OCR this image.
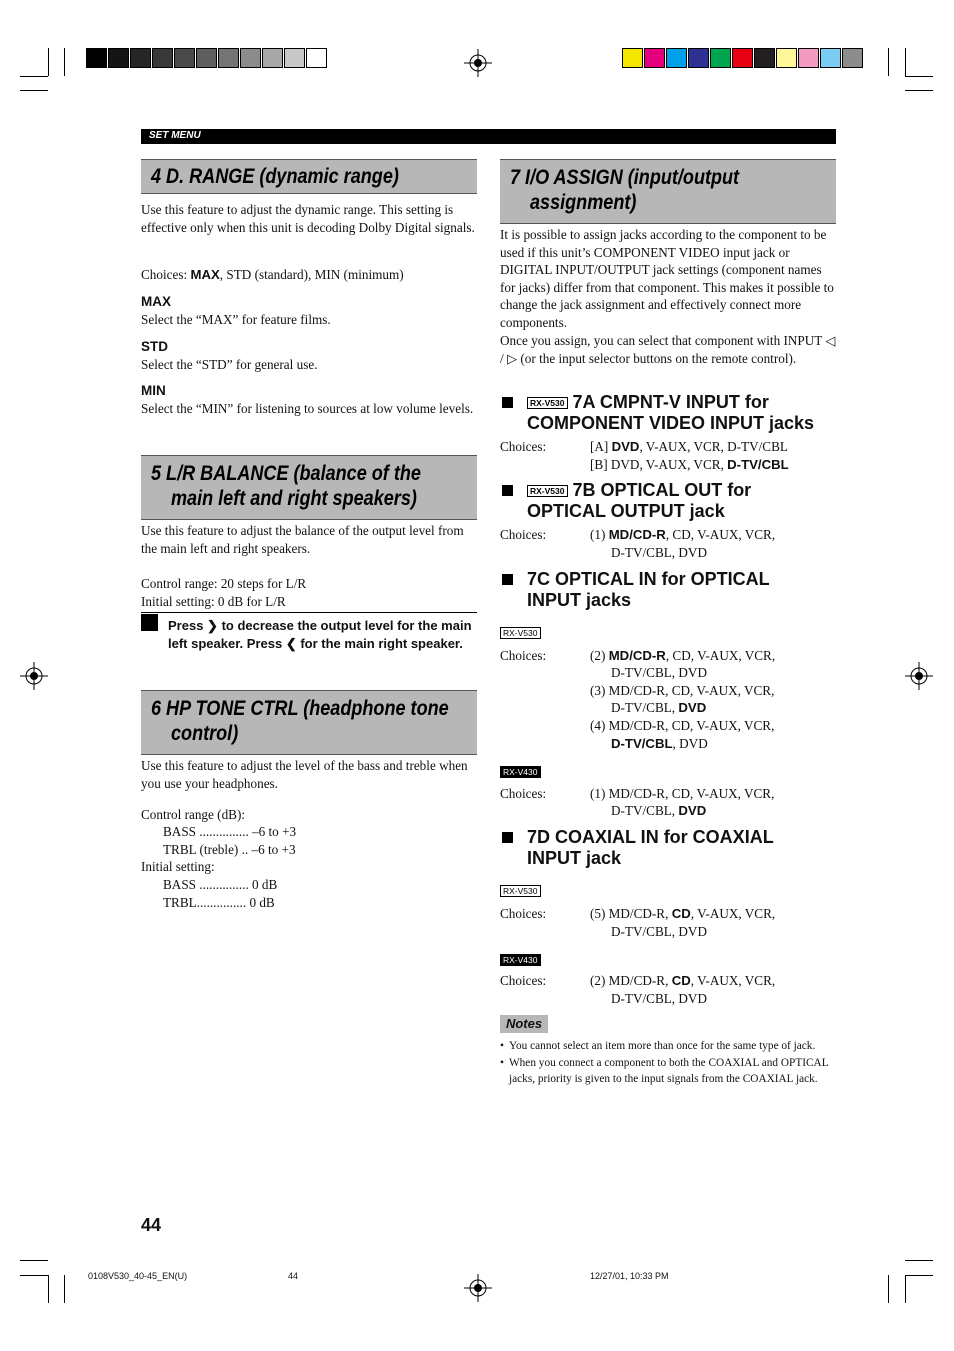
SET MENU
4 D. RANGE (dynamic range)
Use this feature to adjust the dynamic range. This setting is effective only when this unit is decoding Dolby Digital signals.
Choices: MAX, STD (standard), MIN (minimum)
MAX
Select the “MAX” for feature films.
STD
Select the “STD” for general use.
MIN
Select the “MIN” for listening to sources at low volume levels.
5 L/R BALANCE (balance of the
main left and right speakers)
Use this feature to adjust the balance of the output level from the main left and right speakers.
Control range: 20 steps for L/R
Initial setting: 0 dB for L/R
Press ❯ to decrease the output level for the main left speaker. Press ❮ for the main right speaker.
6 HP TONE CTRL (headphone tone
control)
Use this feature to adjust the level of the bass and treble when you use your headphones.
Control range (dB):
BASS ............... –6 to +3
TRBL (treble) .. –6 to +3
Initial setting:
BASS ............... 0 dB
TRBL............... 0 dB
7 I/O ASSIGN (input/output
assignment)
It is possible to assign jacks according to the component to be used if this unit’s COMPONENT VIDEO input jack or DIGITAL INPUT/OUTPUT jack settings (component names for jacks) differ from that component. This makes it possible to change the jack assignment and effectively connect more components.
Once you assign, you can select that component with INPUT ◁ / ▷ (or the input selector buttons on the remote control).
RX-V530 7A CMPNT-V INPUT for
COMPONENT VIDEO INPUT jacks
Choices:	[A] DVD, V-AUX, VCR, D-TV/CBL
[B] DVD, V-AUX, VCR, D-TV/CBL
RX-V530 7B OPTICAL OUT for
OPTICAL OUTPUT jack
Choices:	(1) MD/CD-R, CD, V-AUX, VCR,
D-TV/CBL, DVD
7C OPTICAL IN for OPTICAL
INPUT jacks
RX-V530
Choices:	(2) MD/CD-R, CD, V-AUX, VCR,
D-TV/CBL, DVD
(3) MD/CD-R, CD, V-AUX, VCR,
D-TV/CBL, DVD
(4) MD/CD-R, CD, V-AUX, VCR,
D-TV/CBL, DVD
RX-V430
Choices:	(1) MD/CD-R, CD, V-AUX, VCR,
D-TV/CBL, DVD
7D COAXIAL IN for COAXIAL
INPUT jack
RX-V530
Choices:	(5) MD/CD-R, CD, V-AUX, VCR,
D-TV/CBL, DVD
RX-V430
Choices:	(2) MD/CD-R, CD, V-AUX, VCR,
D-TV/CBL, DVD
Notes
• You cannot select an item more than once for the same type of jack.
• When you connect a component to both the COAXIAL and OPTICAL jacks, priority is given to the input signals from the COAXIAL jack.
44
0108V530_40-45_EN(U)	44	12/27/01, 10:33 PM
